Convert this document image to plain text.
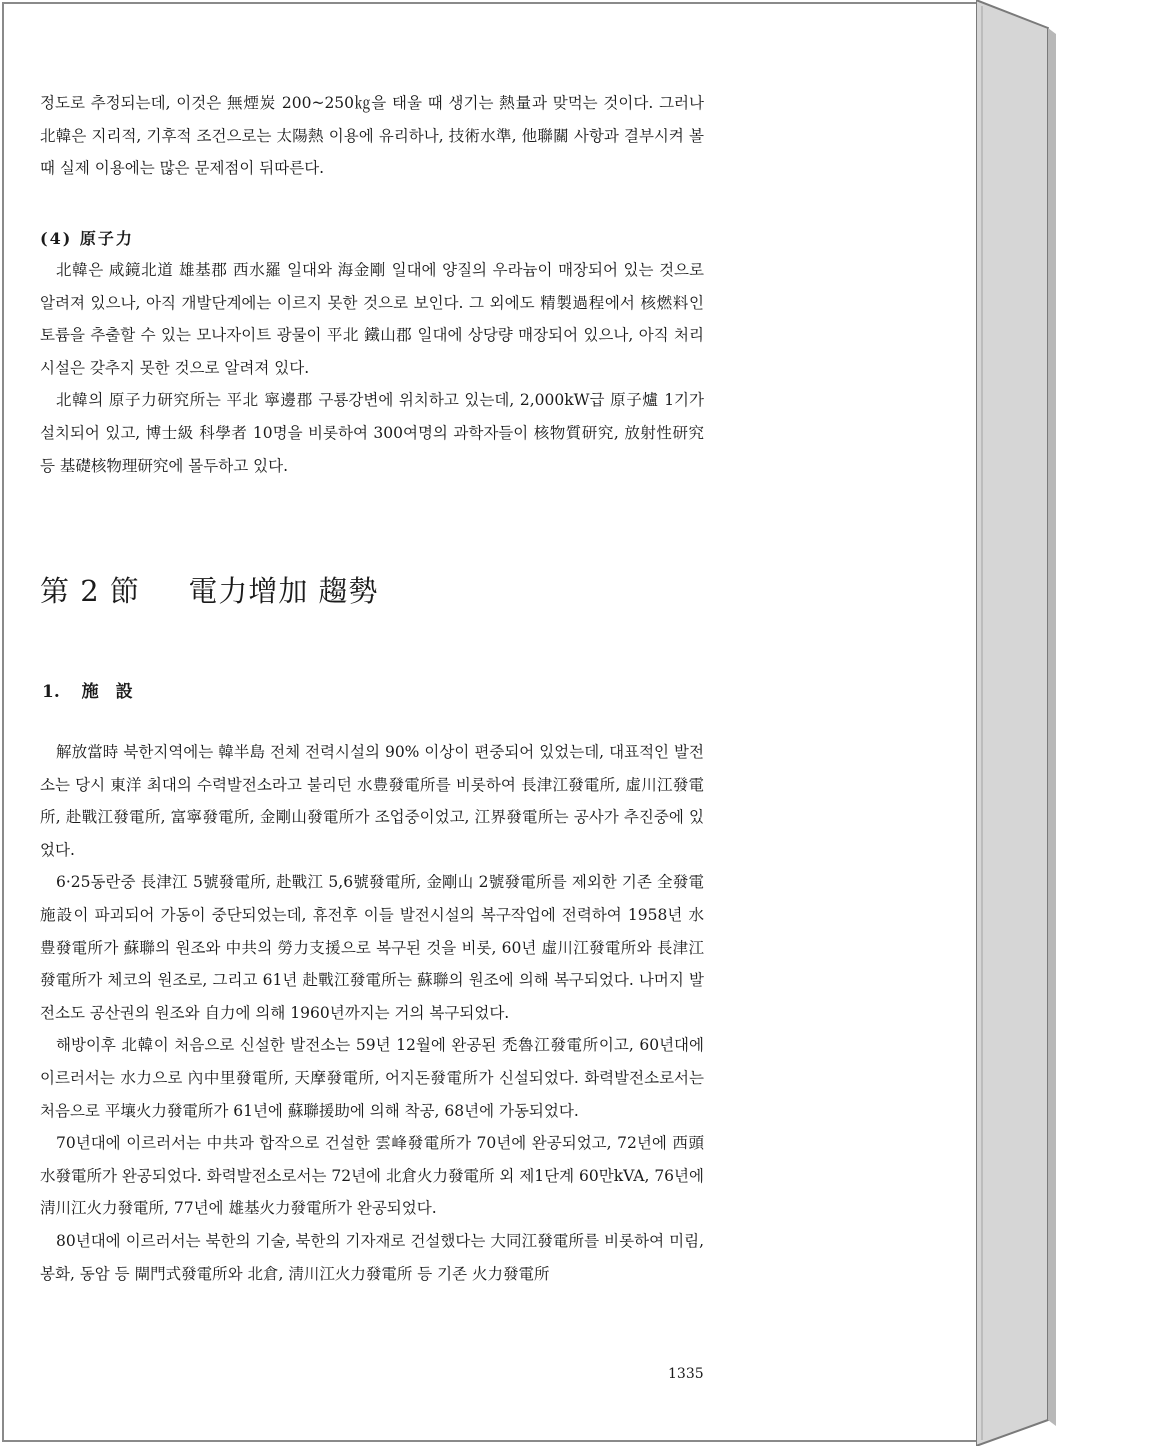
정도로 추정되는데, 이것은 無煙炭 200~250㎏을 태울 때 생기는 熱量과 맞먹는 것이다. 그러나 北韓은 지리적, 기후적 조건으로는 太陽熱 이용에 유리하나, 技術水準, 他聯關 사항과 결부시켜 볼 때 실제 이용에는 많은 문제점이 뒤따른다.

(4) 原子力

北韓은 咸鏡北道 雄基郡 西水羅 일대와 海金剛 일대에 양질의 우라늄이 매장되어 있는 것으로 알려져 있으나, 아직 개발단계에는 이르지 못한 것으로 보인다. 그 외에도 精製過程에서 核燃料인 토륨을 추출할 수 있는 모나자이트 광물이 平北 鐵山郡 일대에 상당량 매장되어 있으나, 아직 처리시설은 갖추지 못한 것으로 알려져 있다.

北韓의 原子力研究所는 平北 寧邊郡 구룡강변에 위치하고 있는데, 2,000kW급 原子爐 1기가 설치되어 있고, 博士級 科學者 10명을 비롯하여 300여명의 과학자들이 核物質研究, 放射性研究 등 基礎核物理研究에 몰두하고 있다.

第 2 節 電力增加 趨勢
1. 施　設

解放當時 북한지역에는 韓半島 전체 전력시설의 90% 이상이 편중되어 있었는데, 대표적인 발전소는 당시 東洋 최대의 수력발전소라고 불리던 水豊發電所를 비롯하여 長津江發電所, 虛川江發電所, 赴戰江發電所, 富寧發電所, 金剛山發電所가 조업중이었고, 江界發電所는 공사가 추진중에 있었다.

6·25동란중 長津江 5號發電所, 赴戰江 5,6號發電所, 金剛山 2號發電所를 제외한 기존 全發電施設이 파괴되어 가동이 중단되었는데, 휴전후 이들 발전시설의 복구작업에 전력하여 1958년 水豊發電所가 蘇聯의 원조와 中共의 勞力支援으로 복구된 것을 비롯, 60년 虛川江發電所와 長津江發電所가 체코의 원조로, 그리고 61년 赴戰江發電所는 蘇聯의 원조에 의해 복구되었다. 나머지 발전소도 공산권의 원조와 自力에 의해 1960년까지는 거의 복구되었다.

해방이후 北韓이 처음으로 신설한 발전소는 59년 12월에 완공된 禿魯江發電所이고, 60년대에 이르러서는 水力으로 內中里發電所, 天摩發電所, 어지돈發電所가 신설되었다. 화력발전소로서는 처음으로 平壤火力發電所가 61년에 蘇聯援助에 의해 착공, 68년에 가동되었다.

70년대에 이르러서는 中共과 합작으로 건설한 雲峰發電所가 70년에 완공되었고, 72년에 西頭水發電所가 완공되었다. 화력발전소로서는 72년에 北倉火力發電所 외 제1단계 60만kVA, 76년에 淸川江火力發電所, 77년에 雄基火力發電所가 완공되었다.

80년대에 이르러서는 북한의 기술, 북한의 기자재로 건설했다는 大同江發電所를 비롯하여 미림, 봉화, 동암 등 閘門式發電所와 北倉, 淸川江火力發電所 등 기존 火力發電所

1335
